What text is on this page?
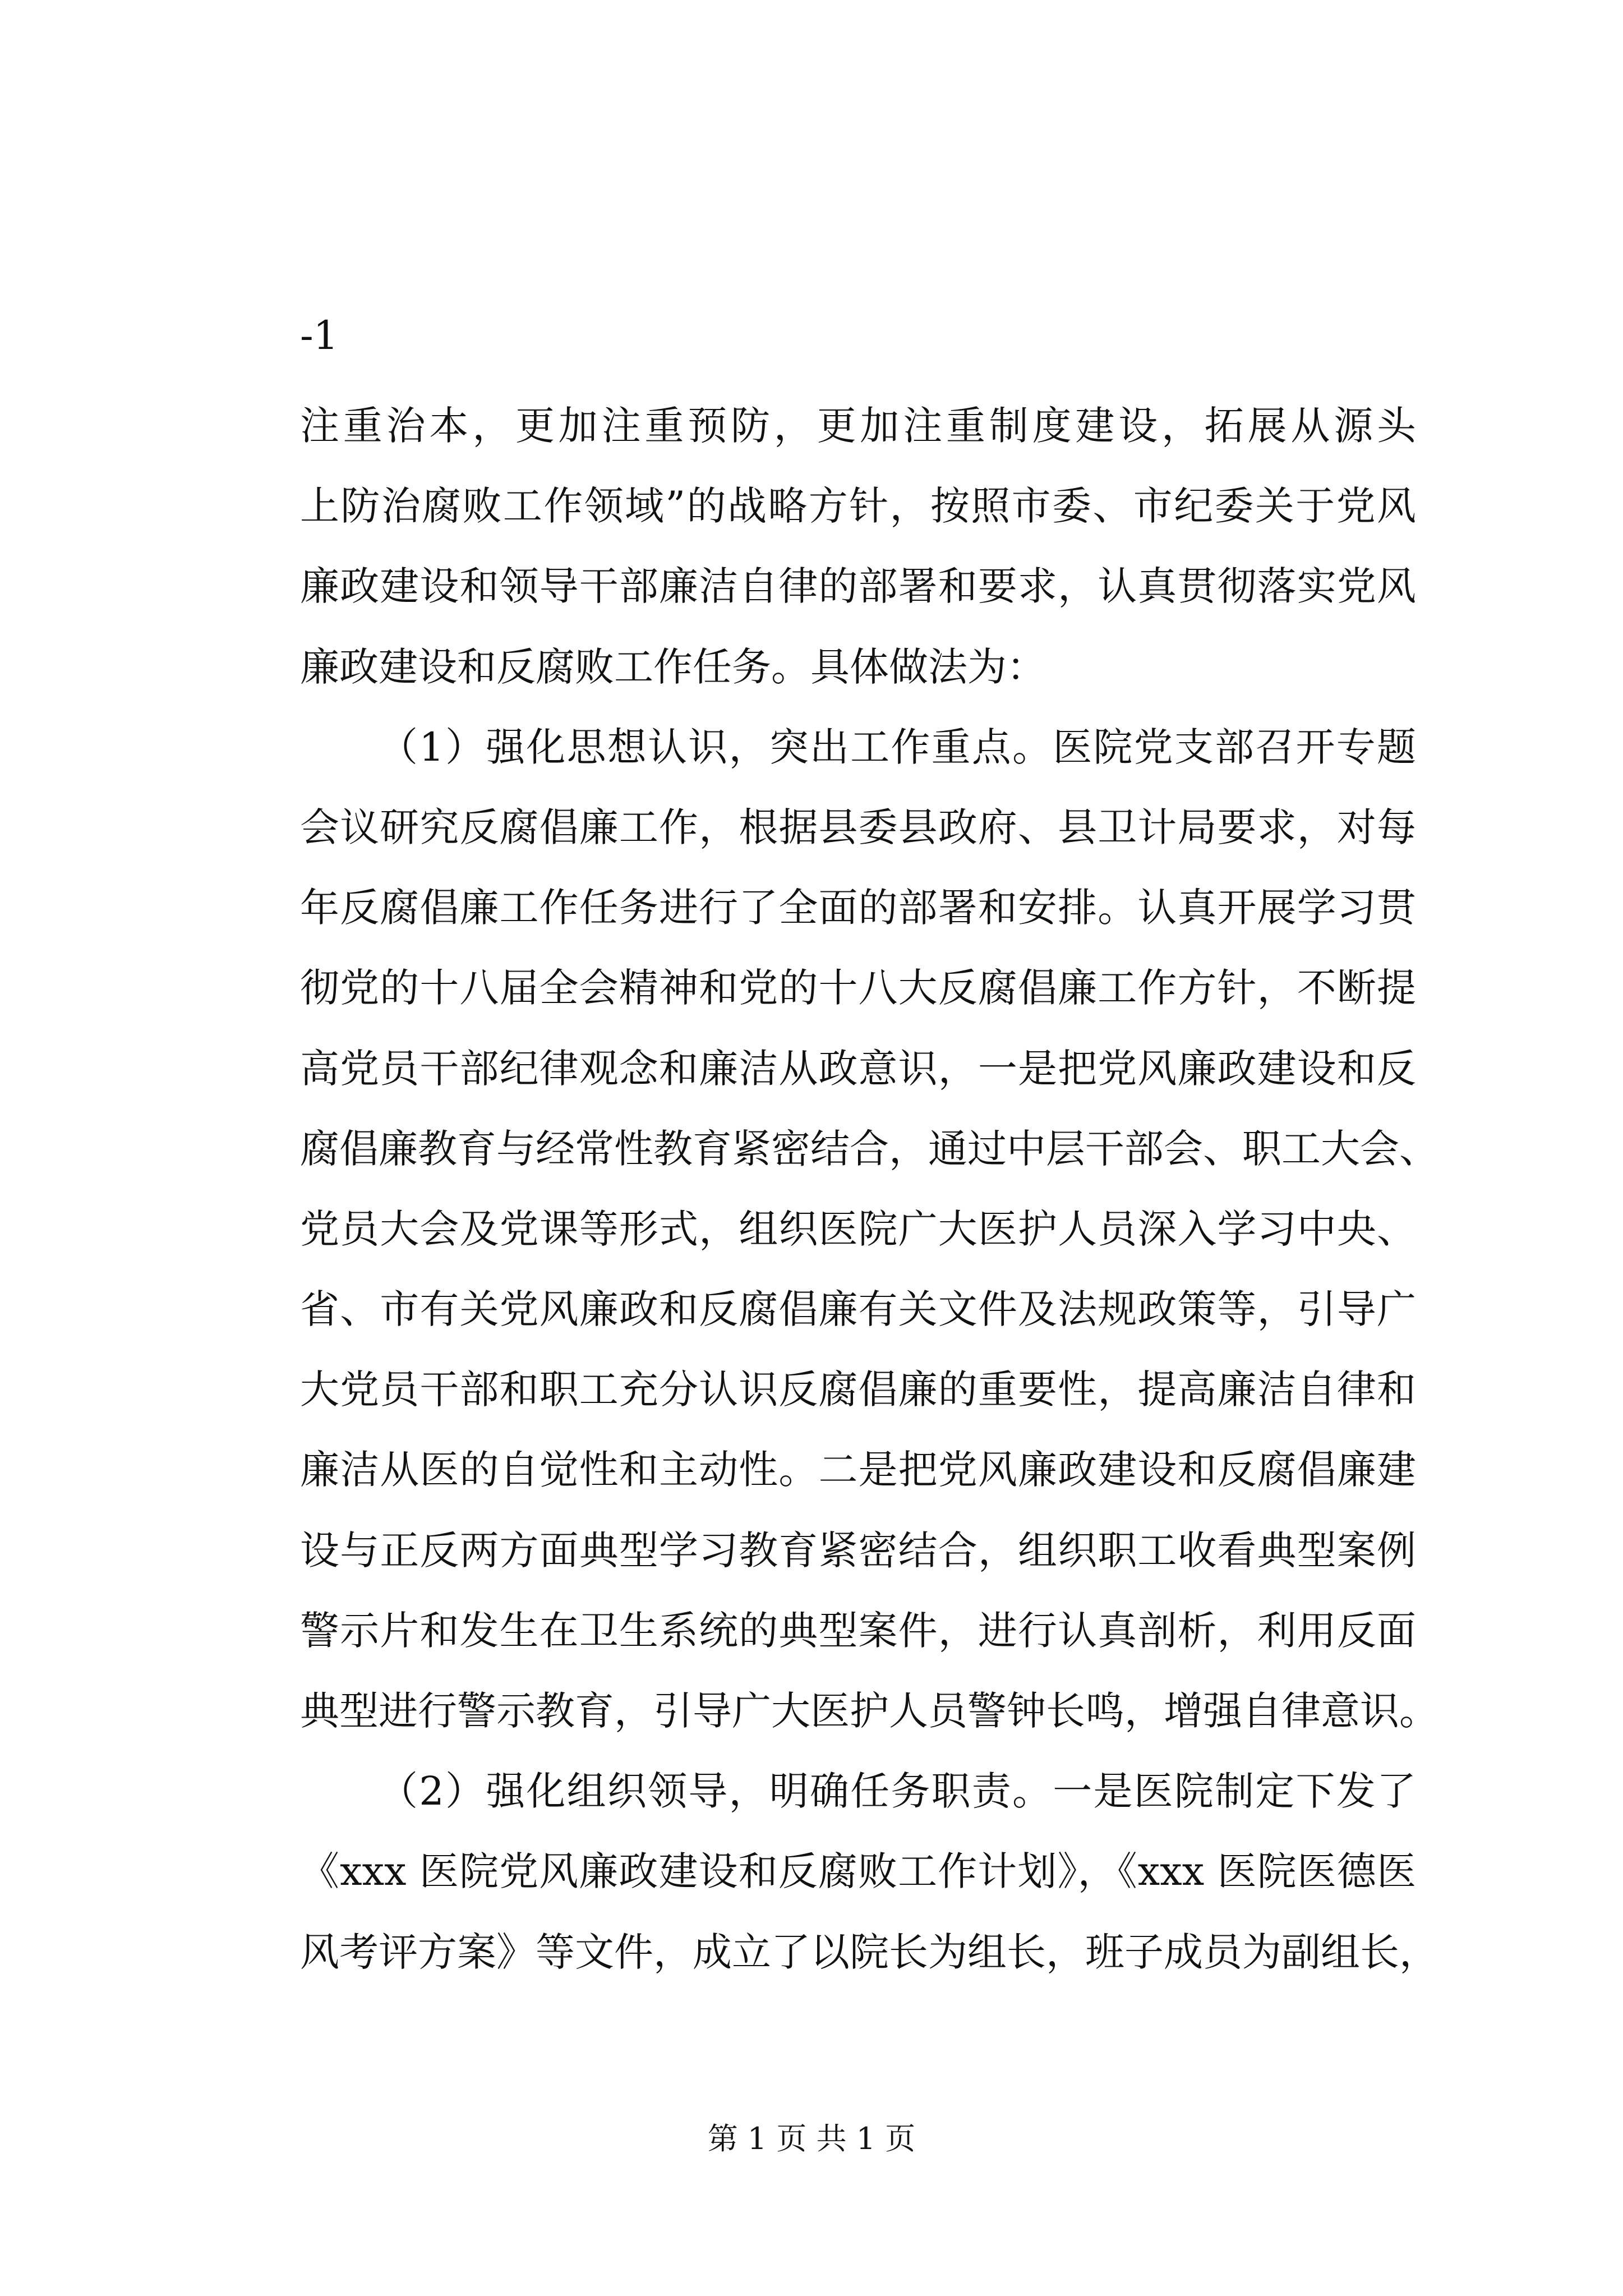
-1
注重治本，更加注重预防，更加注重制度建设，拓展从源头
上防治腐败工作领域”的战略方针，按照市委、市纪委关于党风
廉政建设和领导干部廉洁自律的部署和要求，认真贯彻落实党风
廉政建设和反腐败工作任务。具体做法为：
（1）强化思想认识，突出工作重点。医院党支部召开专题
会议研究反腐倡廉工作，根据县委县政府、县卫计局要求，对每
年反腐倡廉工作任务进行了全面的部署和安排。认真开展学习贯
彻党的十八届全会精神和党的十八大反腐倡廉工作方针，不断提
高党员干部纪律观念和廉洁从政意识，一是把党风廉政建设和反
腐倡廉教育与经常性教育紧密结合，通过中层干部会、职工大会、
党员大会及党课等形式，组织医院广大医护人员深入学习中央、
省、市有关党风廉政和反腐倡廉有关文件及法规政策等，引导广
大党员干部和职工充分认识反腐倡廉的重要性，提高廉洁自律和
廉洁从医的自觉性和主动性。二是把党风廉政建设和反腐倡廉建
设与正反两方面典型学习教育紧密结合，组织职工收看典型案例
警示片和发生在卫生系统的典型案件，进行认真剖析，利用反面
典型进行警示教育，引导广大医护人员警钟长鸣，增强自律意识。
（2）强化组织领导，明确任务职责。一是医院制定下发了
《xxx 医院党风廉政建设和反腐败工作计划》，《xxx 医院医德医
风考评方案》等文件，成立了以院长为组长，班子成员为副组长，
第 1 页 共 1 页
